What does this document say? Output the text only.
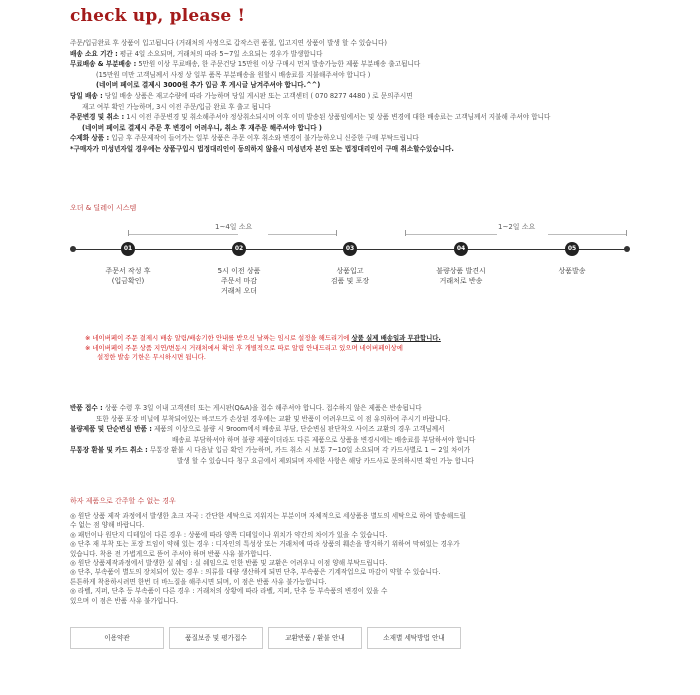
check up, please !

주문/입금완료 후 상품이 입고됩니다 (거래처의 사정으로 갑작스런 품절, 입고지연 상품이 발생 할 수 있습니다)

배송 소요 기간 : 평균 4일 소요되며, 거래처의 따라 5~7일 소요되는 경우가 발생합니다

무료배송 & 부분배송 : 5만원 이상 무료배송, 한 주문건당 15만원 이상 구매시 먼저 발송가능한 제품 부분배송 출고됩니다

(15만원 미만 고객님께서 사정 상 일부 품목 부분배송을 원할시 배송료를 지불해주셔야 합니다 )

(네이버 페이로 결제시 3000원 추가 입금 후 게시글 남겨주셔야 합니다.^^)

당일 배송 : 당일 배송 상품은 재고수량에 따라 가능하며 당일 게시판 또는 고객센터 ( 070 8277 4480 ) 로 문의주시면

재고 여부 확인 가능하며, 3시 이전 주문/입금 완료 후 출고 됩니다

주문변경 및 취소 : 1시 이전 주문변경 및 취소해주셔야 정상취소되시며 이후 이미 발송된 상품임에서는 및 상품 변경에 대한 배송료는 고객님께서 지불해 주셔야 합니다

(네이버 페이로 결제시 주문 후 변경이 어려우니, 취소 후 재주문 해주셔야 합니다 )

수제화 상품 : 입금 후 주문제작이 들어가는 일부 상품은 주문 이후 취소와 변경이 불가능하오니 신중한 구매 부탁드립니다

*구매자가 미성년자일 경우에는 상품구입시 법정대리인이 동의하지 않을시 미성년자 본인 또는 법정대리인이 구매 취소할수있습니다.

오더 & 딜레이 시스템
1~4일 소요	1~2일 소요
01	02	03	04	05
주문서 작성 후
(입금확인)
5시 이전 상품
주문서 마감
거래처 오더
상품입고
검품 및 포장
불량상품 발견시
거래처로 반송
상품발송

※ 네이버페이 주문 결제시 배송 알림/배송기한 안내를 받으신 날짜는 임시로 설정을 해드리기에 상품 실제 배송일과 무관합니다.

※ 네이버페이 주문 상품 지연/변동시 거래처에서 확인 후 개별적으로 따로 알림 안내드리고 있으며 네이버페이상에

설정한 발송 기한은 무시하시면 됩니다.

반품 접수 : 상품 수령 후 3일 이내 고객센터 또는 게시판(Q&A)을 접수 해주셔야 합니다. 접수하지 않은 제품은 반송됩니다

또한 상품 포장 비닐에 부착되어있는 바코드가 손상된 경우에는 교환 및 반품이 어려우므로 이 점 유의하여 주시기 바랍니다.

불량제품 및 단순변심 반품 : 제품의 이상으로 불량 시 9room에서 배송료 부담, 단순변심 판단착오 사이즈 교환의 경우 고객님께서

배송료 부담하셔야 하며 불량 제품이더라도 다른 제품으로 상품을 변경시에는 배송료를 부담하셔야 합니다

무통장 환불 및 카드 취소 : 무통장 환불 시 다음날 입금 확인 가능하며, 카드 취소 시 보통 7~10일 소요되며 각 카드사별로 1 ~ 2일 차이가

발생 할 수 있습니다 청구 요금에서 제외되며 자세한 사항은 해당 카드사로 문의하시면 확인 가능 합니다

하자 제품으로 간주할 수 없는 경우

◎ 원단 상품 제작 과정에서 발생한 초크 자국 : 간단한 세탁으로 지워지는 부분이며 자체적으로 세상품용 별도의 세탁으로 하여 발송해드릴

수 없는 점 양해 바랍니다.

◎ 패턴이나 원단지 디테일이 다른 경우 : 상품에 따라 양쪽 디테일이나 위치가 약간의 차이가 있을 수 있습니다.

◎ 단추 재 부착 또는 포장 트임이 약해 있는 경우 : 디자인의 특성상 또는 거래처에 따라 상품의 훼손을 방지하기 위하여 막혀있는 경우가

있습니다. 착용 전 가볍게으로 뜯어 주셔야 하며 반품 사유 불가합니다.

◎ 원단 상품제작과정에서 발생한 실 쉐임 : 실 쉐임으로 인한 반품 및 교환은 어려우니 이점 양해 부탁드립니다.

◎ 단추, 부속품이 별도의 장치되어 있는 경우 : 의류를 대량 생산하게 되면 단추, 부속품은 기계작업으로 마감이 약할 수 있습니다.

튼튼하게 착용하시려면 한번 더 바느질을 해주시면 되며, 이 점은 반품 사유 불가능합니다.

◎ 라벨, 지퍼, 단추 등 부속품이 다른 경우 : 거래처의 상황에 따라 라벨, 지퍼, 단추 등 부속품의 변경이 있을 수

있으며 이 점은 반품 사유 불가입니다.

이용약관	품질보증 및 평가접수	교환반품 / 환불 안내	소재별 세탁방법 안내
